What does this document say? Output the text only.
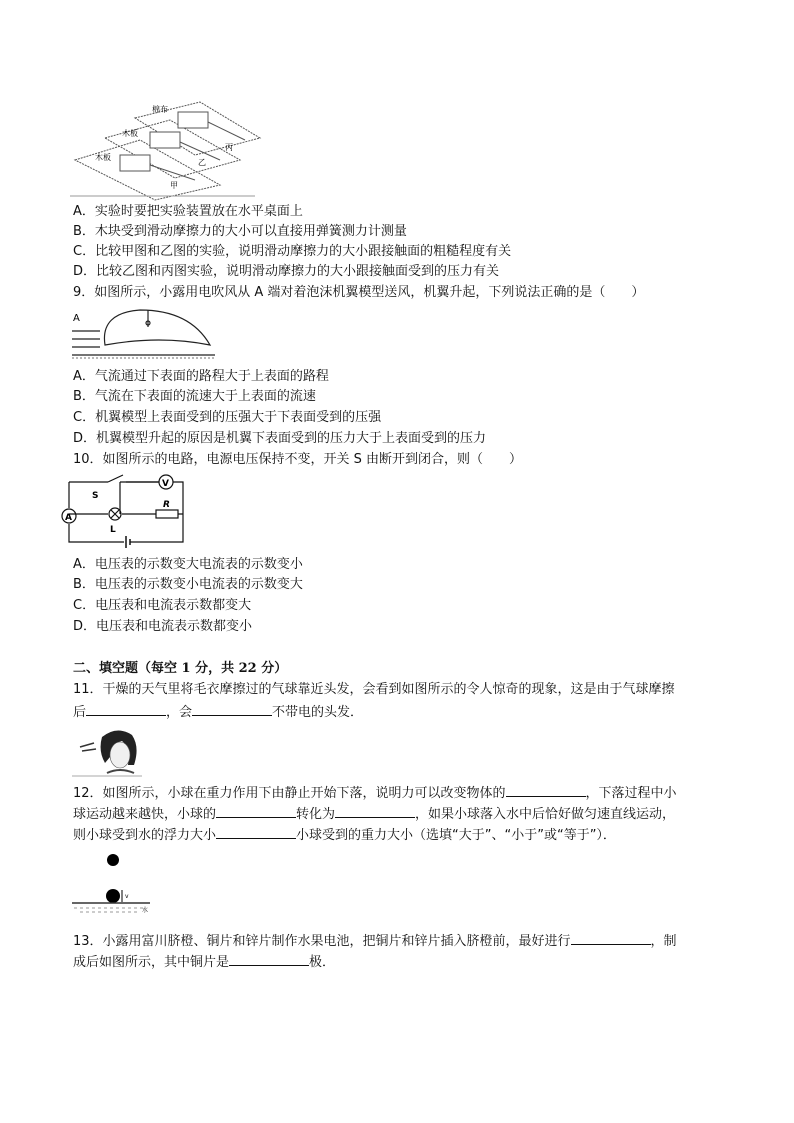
棉布
木板
木板
丙
乙
甲
A．实验时要把实验装置放在水平桌面上
B．木块受到滑动摩擦力的大小可以直接用弹簧测力计测量
C．比较甲图和乙图的实验，说明滑动摩擦力的大小跟接触面的粗糙程度有关
D．比较乙图和丙图实验，说明滑动摩擦力的大小跟接触面受到的压力有关
9．如图所示，小露用电吹风从 A 端对着泡沫机翼模型送风，机翼升起，下列说法正确的是（　　）
A
A．气流通过下表面的路程大于上表面的路程
B．气流在下表面的流速大于上表面的流速
C．机翼模型上表面受到的压强大于下表面受到的压强
D．机翼模型升起的原因是机翼下表面受到的压力大于上表面受到的压力
10．如图所示的电路，电源电压保持不变，开关 S 由断开到闭合，则（　　）
S
V
A
L
R
A．电压表的示数变大电流表的示数变小
B．电压表的示数变小电流表的示数变大
C．电压表和电流表示数都变大
D．电压表和电流表示数都变小
二、填空题（每空 1 分，共 22 分）
11．干燥的天气里将毛衣摩擦过的气球靠近头发，会看到如图所示的令人惊奇的现象，这是由于气球摩擦
后	，会	不带电的头发．
12．如图所示，小球在重力作用下由静止开始下落，说明力可以改变物体的	，下落过程中小
球运动越来越快，小球的	转化为	，如果小球落入水中后恰好做匀速直线运动，
则小球受到水的浮力大小	小球受到的重力大小（选填“大于”、“小于”或“等于”）．
v
水
13．小露用富川脐橙、铜片和锌片制作水果电池，把铜片和锌片插入脐橙前，最好进行	，制
成后如图所示，其中铜片是	极．
